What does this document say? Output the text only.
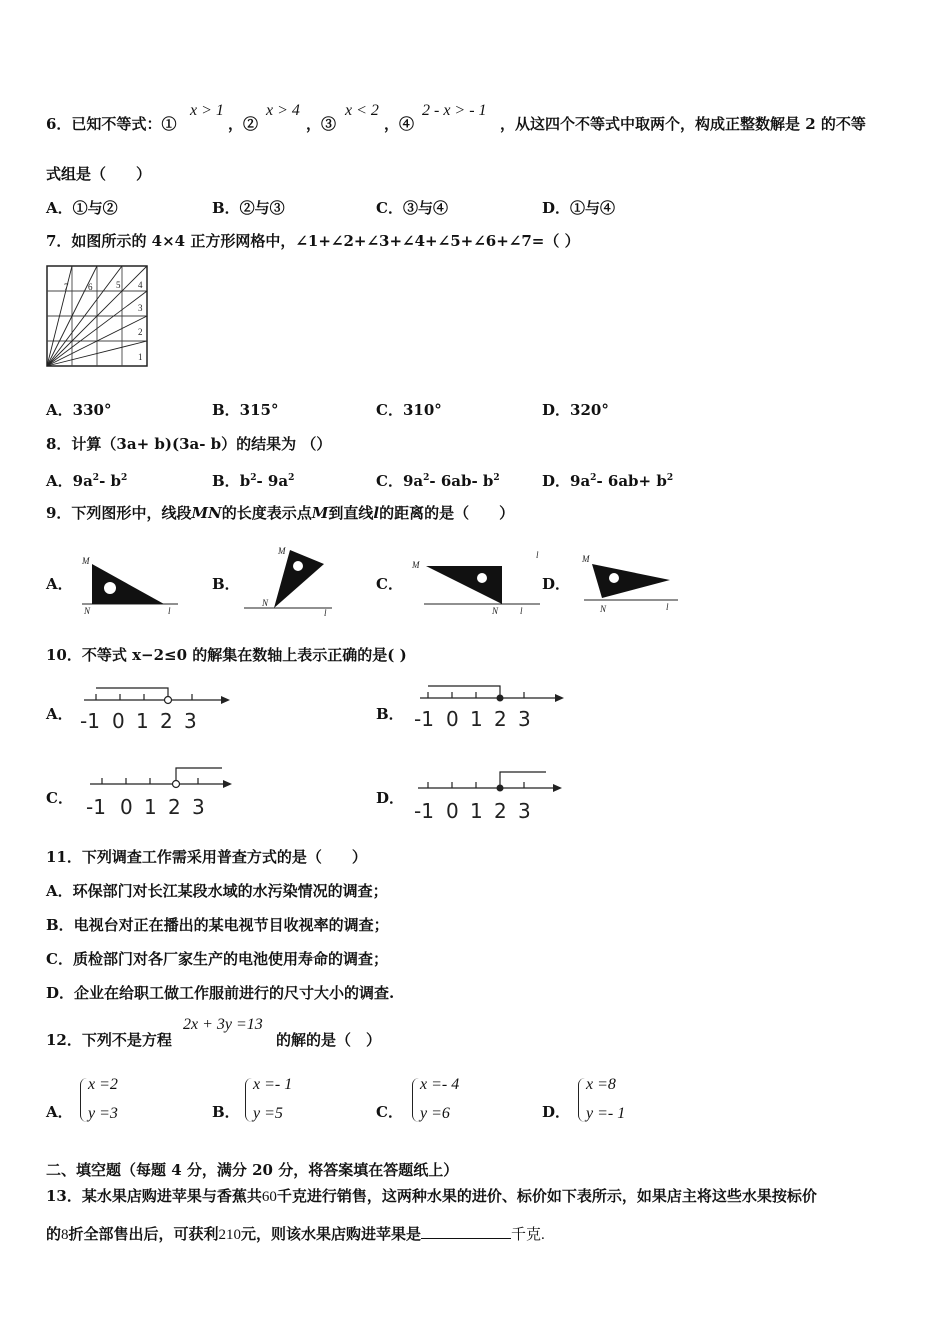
6．已知不等式：①
x > 1
，②
x > 4
，③
x < 2
，④
2 - x > - 1
，从这四个不等式中取两个，构成正整数解是 2 的不等
式组是（　　）
A．①与②	B．②与③	C．③与④	D．①与④
7．如图所示的 4×4 正方形网格中，∠1+∠2+∠3+∠4+∠5+∠6+∠7=（ ）
1
2
3
4
5
6
7
A．330°	B．315°	C．310°	D．320°
8．计算（3a+ b)(3a- b）的结果为 （）
A．$9a^2-$ $b^2$	B．$b^2-$ $9a^2$	C．$9a^2-$ 6ab- $b^2$	D．$9a^2-$ $6ab+ b^2$
9．下列图形中，线段MN的长度表示点M到直线l的距离的是（　　）
A．
M
N	l
B．
M
N
l
C．
M
N l
l
D．
M
N	l
10．不等式 x−2≤0 的解集在数轴上表示正确的是( )
A． -1 0 1 2 3	B． -1 0 1 2 3
C． -1 0 1 2 3	D．
-1 0 1 2 3
11．下列调查工作需采用普查方式的是（　　）
A．环保部门对长江某段水域的水污染情况的调查；
B．电视台对正在播出的某电视节目收视率的调查；
C．质检部门对各厂家生产的电池使用寿命的调查；
D．企业在给职工做工作服前进行的尺寸大小的调查.
12．下列不是方程
2x + 3y =13
的解的是（　）
A．
x =2
y =3	B．
x =- 1
y =5	C．
x =- 4
y =6	D．
x =8
y =- 1
二、填空题（每题 4 分，满分 20 分，将答案填在答题纸上）
13．某水果店购进苹果与香蕉共60千克进行销售，这两种水果的进价、标价如下表所示，如果店主将这些水果按标价
的8折全部售出后，可获利210元，则该水果店购进苹果是	千克.
